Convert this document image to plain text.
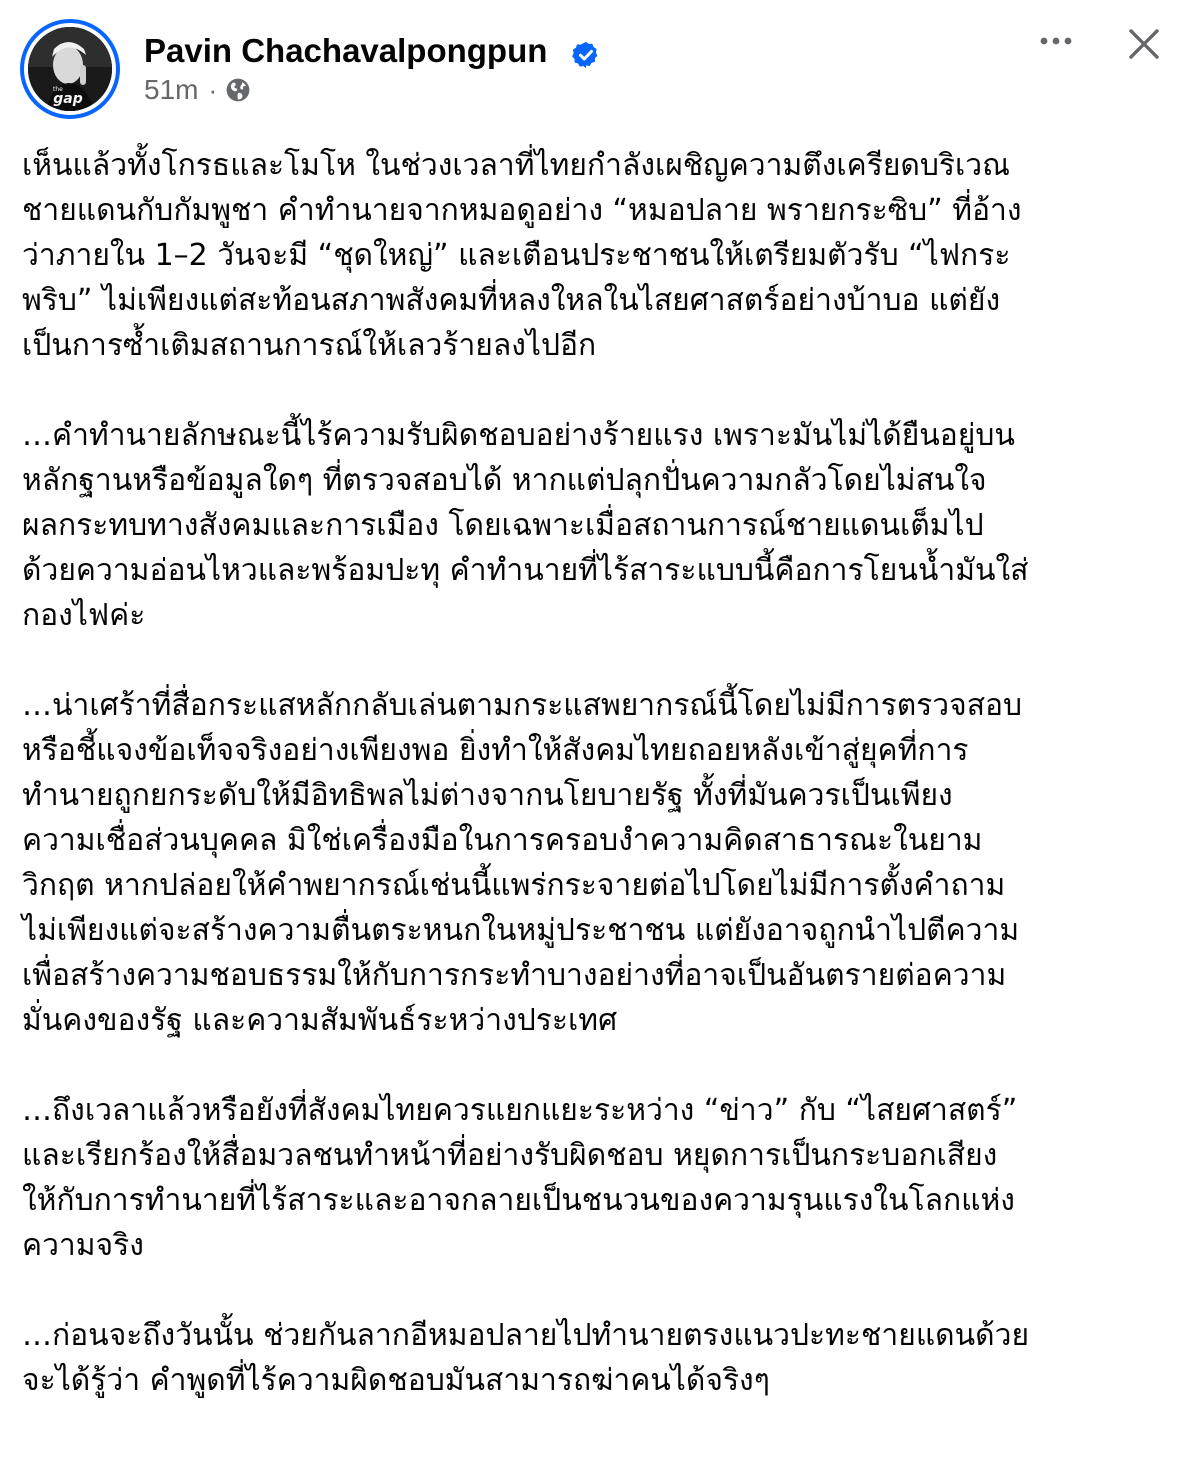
gap
the
Pavin Chachavalpongpun
51m ·

เห็นแล้วทั้งโกรธและโมโห ในช่วงเวลาที่ไทยกำลังเผชิญความตึงเครียดบริเวณ
ชายแดนกับกัมพูชา คำทำนายจากหมอดูอย่าง “หมอปลาย พรายกระซิบ” ที่อ้าง
ว่าภายใน 1–2 วันจะมี “ชุดใหญ่” และเตือนประชาชนให้เตรียมตัวรับ “ไฟกระ
พริบ” ไม่เพียงแต่สะท้อนสภาพสังคมที่หลงใหลในไสยศาสตร์อย่างบ้าบอ แต่ยัง
เป็นการซ้ำเติมสถานการณ์ให้เลวร้ายลงไปอีก

…คำทำนายลักษณะนี้ไร้ความรับผิดชอบอย่างร้ายแรง เพราะมันไม่ได้ยืนอยู่บน
หลักฐานหรือข้อมูลใดๆ ที่ตรวจสอบได้ หากแต่ปลุกปั่นความกลัวโดยไม่สนใจ
ผลกระทบทางสังคมและการเมือง โดยเฉพาะเมื่อสถานการณ์ชายแดนเต็มไป
ด้วยความอ่อนไหวและพร้อมปะทุ คำทำนายที่ไร้สาระแบบนี้คือการโยนน้ำมันใส่
กองไฟค่ะ

…น่าเศร้าที่สื่อกระแสหลักกลับเล่นตามกระแสพยากรณ์นี้โดยไม่มีการตรวจสอบ
หรือชี้แจงข้อเท็จจริงอย่างเพียงพอ ยิ่งทำให้สังคมไทยถอยหลังเข้าสู่ยุคที่การ
ทำนายถูกยกระดับให้มีอิทธิพลไม่ต่างจากนโยบายรัฐ ทั้งที่มันควรเป็นเพียง
ความเชื่อส่วนบุคคล มิใช่เครื่องมือในการครอบงำความคิดสาธารณะในยาม
วิกฤต หากปล่อยให้คำพยากรณ์เช่นนี้แพร่กระจายต่อไปโดยไม่มีการตั้งคำถาม
ไม่เพียงแต่จะสร้างความตื่นตระหนกในหมู่ประชาชน แต่ยังอาจถูกนำไปตีความ
เพื่อสร้างความชอบธรรมให้กับการกระทำบางอย่างที่อาจเป็นอันตรายต่อความ
มั่นคงของรัฐ และความสัมพันธ์ระหว่างประเทศ

…ถึงเวลาแล้วหรือยังที่สังคมไทยควรแยกแยะระหว่าง “ข่าว” กับ “ไสยศาสตร์”
และเรียกร้องให้สื่อมวลชนทำหน้าที่อย่างรับผิดชอบ หยุดการเป็นกระบอกเสียง
ให้กับการทำนายที่ไร้สาระและอาจกลายเป็นชนวนของความรุนแรงในโลกแห่ง
ความจริง

…ก่อนจะถึงวันนั้น ช่วยกันลากอีหมอปลายไปทำนายตรงแนวปะทะชายแดนด้วย
จะได้รู้ว่า คำพูดที่ไร้ความผิดชอบมันสามารถฆ่าคนได้จริงๆ
